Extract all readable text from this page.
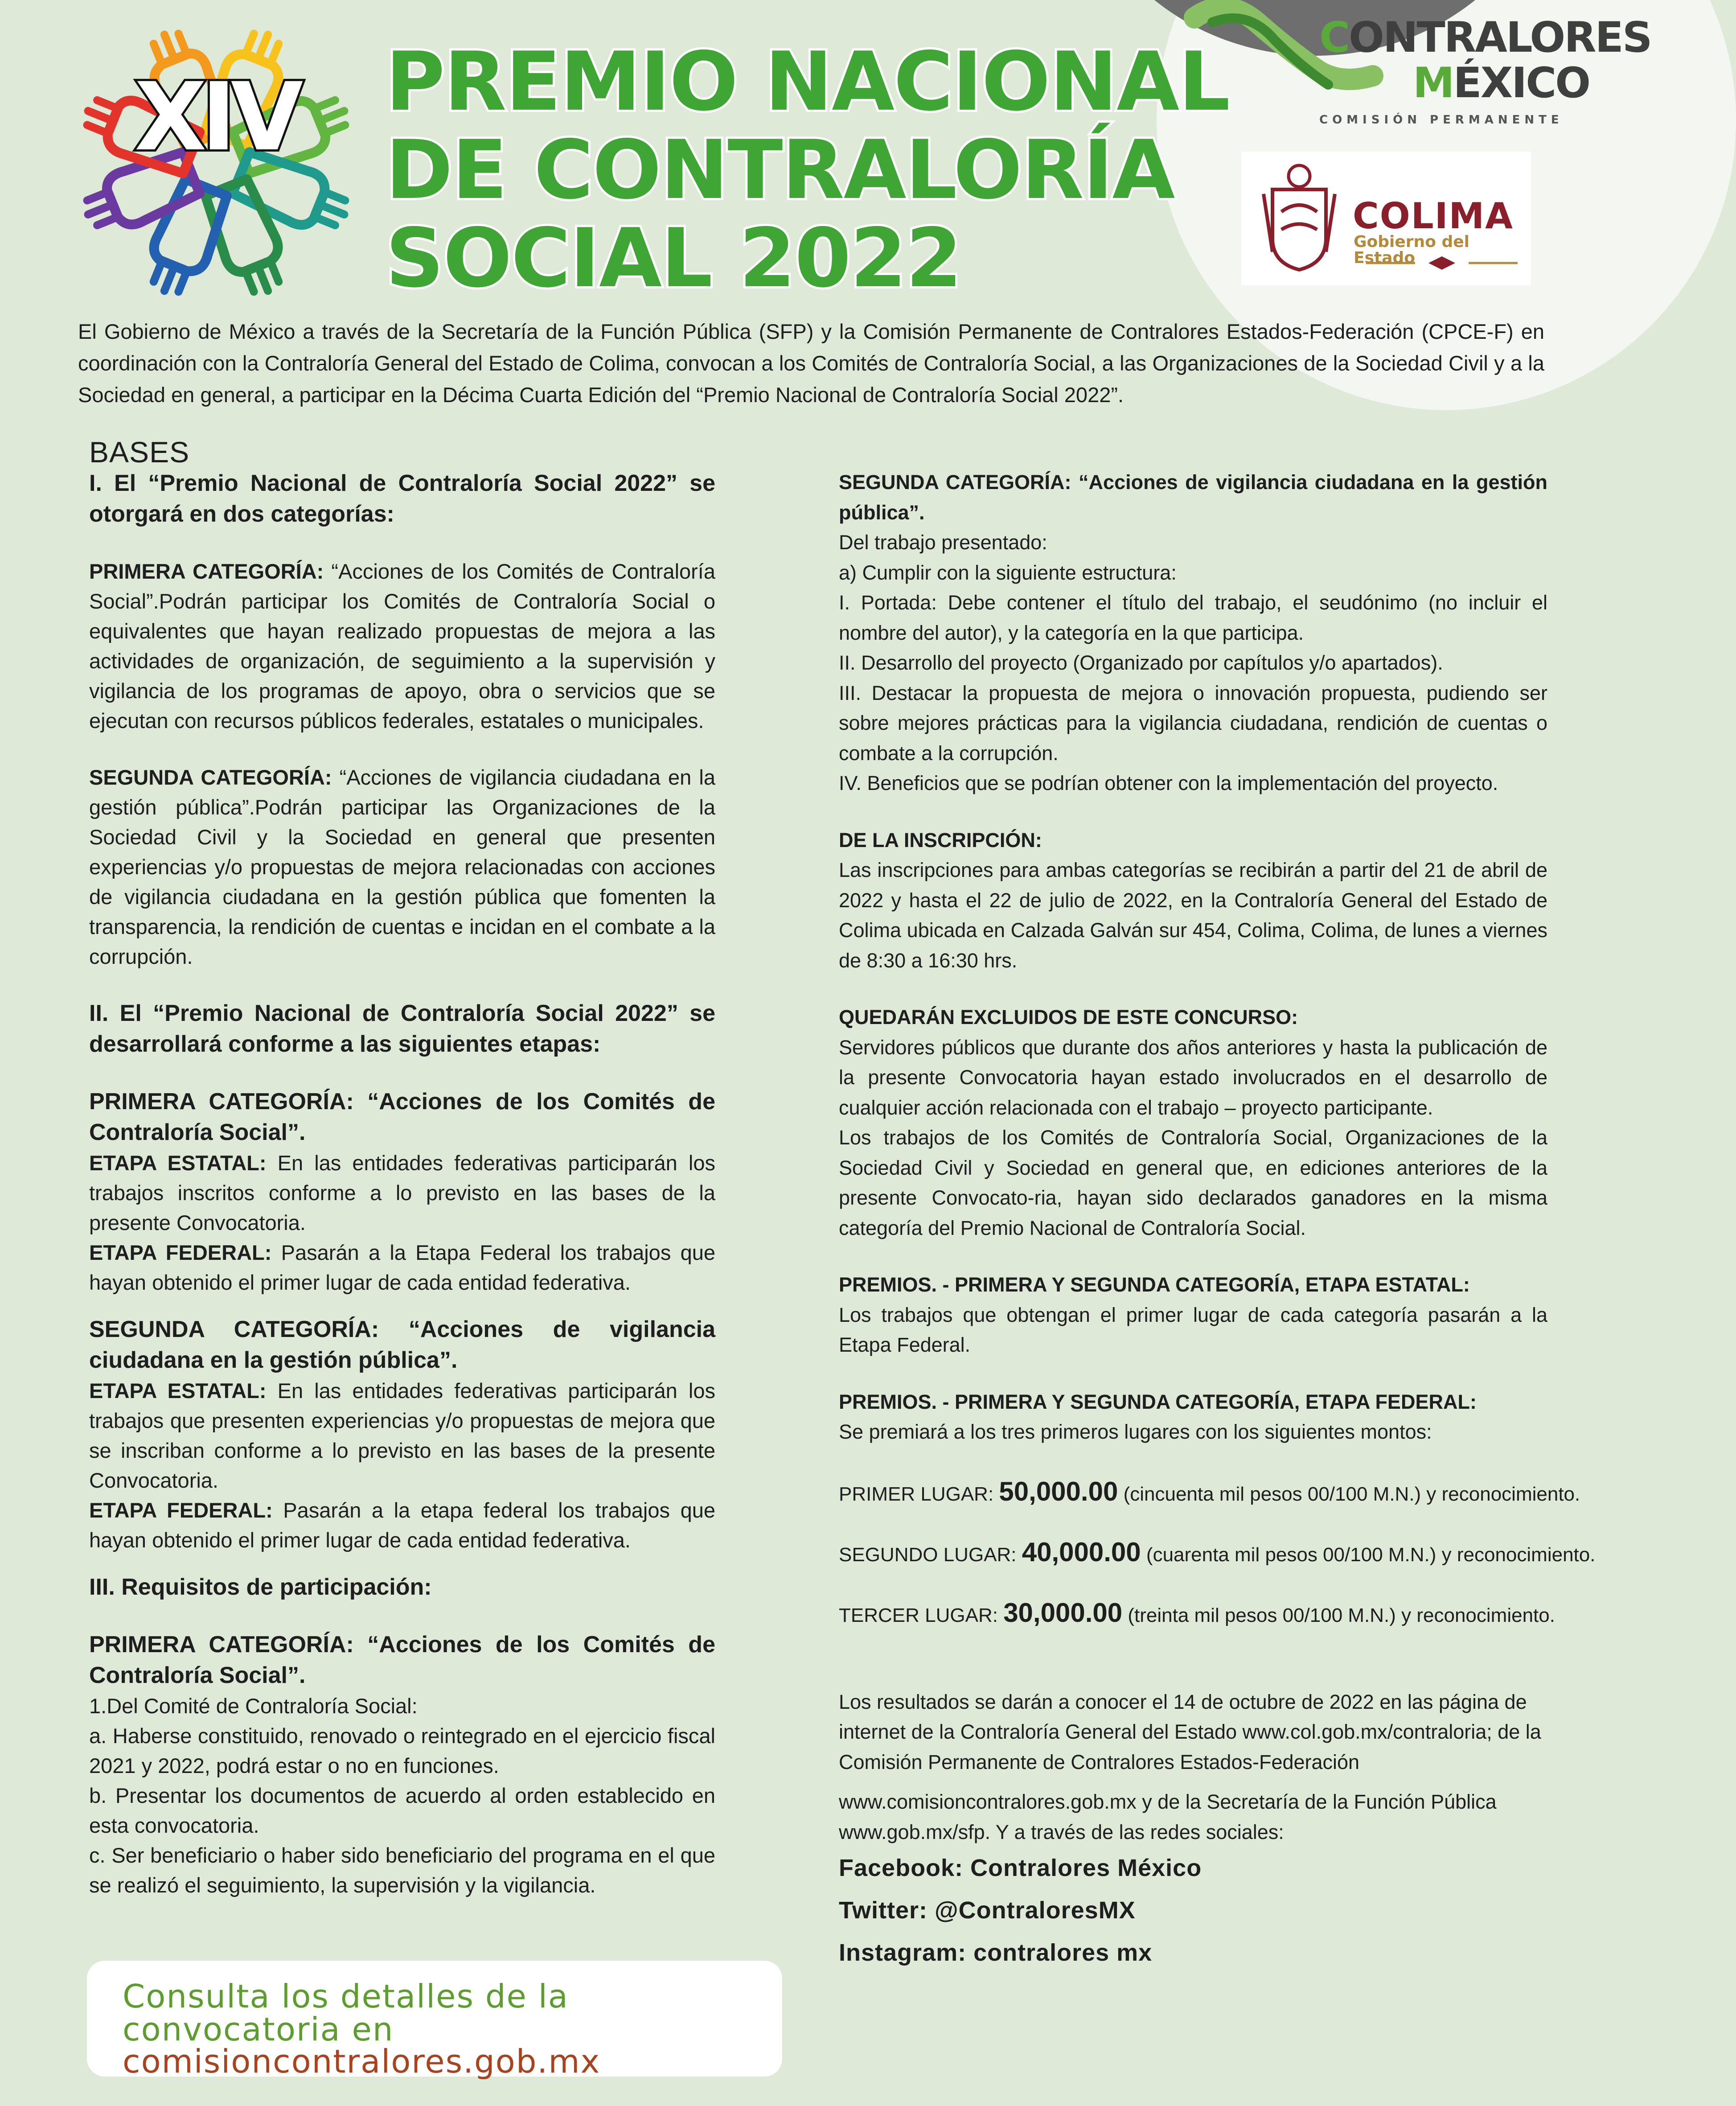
XIV PREMIO NACIONAL
DE CONTRALORÍA
SOCIAL 2022
CONTRALORES
MÉXICO
COMISIÓN PERMANENTE
COLIMA
Gobierno del Estado

El Gobierno de México a través de la Secretaría de la Función Pública (SFP) y la Comisión Permanente de Contralores Estados-Federación (CPCE-F) en coordinación con la Contraloría General del Estado de Colima, convocan a los Comités de Contraloría Social, a las Organizaciones de la Sociedad Civil y a la Sociedad en general, a participar en la Décima Cuarta Edición del “Premio Nacional de Contraloría Social 2022”.

BASES

I. El “Premio Nacional de Contraloría Social 2022” se otorgará en dos categorías:

PRIMERA CATEGORÍA: “Acciones de los Comités de Contraloría Social”.Podrán participar los Comités de Contraloría Social o equivalentes que hayan realizado propuestas de mejora a las actividades de organización, de seguimiento a la supervisión y vigilancia de los programas de apoyo, obra o servicios que se ejecutan con recursos públicos federales, estatales o municipales.

SEGUNDA CATEGORÍA: “Acciones de vigilancia ciudadana en la gestión pública”.Podrán participar las Organizaciones de la Sociedad Civil y la Sociedad en general que presenten experiencias y/o propuestas de mejora relacionadas con acciones de vigilancia ciudadana en la gestión pública que fomenten la transparencia, la rendición de cuentas e incidan en el combate a la corrupción.

II. El “Premio Nacional de Contraloría Social 2022” se desarrollará conforme a las siguientes etapas:

PRIMERA CATEGORÍA: “Acciones de los Comités de Contraloría Social”.

ETAPA ESTATAL: En las entidades federativas participarán los trabajos inscritos conforme a lo previsto en las bases de la presente Convocatoria.

ETAPA FEDERAL: Pasarán a la Etapa Federal los trabajos que hayan obtenido el primer lugar de cada entidad federativa.

SEGUNDA CATEGORÍA: “Acciones de vigilancia ciudadana en la gestión pública”.

ETAPA ESTATAL: En las entidades federativas participarán los trabajos que presenten experiencias y/o propuestas de mejora que se inscriban conforme a lo previsto en las bases de la presente Convocatoria.

ETAPA FEDERAL: Pasarán a la etapa federal los trabajos que hayan obtenido el primer lugar de cada entidad federativa.

III. Requisitos de participación:

PRIMERA CATEGORÍA: “Acciones de los Comités de Contraloría Social”.

1.Del Comité de Contraloría Social:

a. Haberse constituido, renovado o reintegrado en el ejercicio fiscal 2021 y 2022, podrá estar o no en funciones.

b. Presentar los documentos de acuerdo al orden establecido en esta convocatoria.

c. Ser beneficiario o haber sido beneficiario del programa en el que se realizó el seguimiento, la supervisión y la vigilancia.

SEGUNDA CATEGORÍA: “Acciones de vigilancia ciudadana en la gestión pública”.

Del trabajo presentado:

a) Cumplir con la siguiente estructura:

I. Portada: Debe contener el título del trabajo, el seudónimo (no incluir el nombre del autor), y la categoría en la que participa.

II. Desarrollo del proyecto (Organizado por capítulos y/o apartados).

III. Destacar la propuesta de mejora o innovación propuesta, pudiendo ser sobre mejores prácticas para la vigilancia ciudadana, rendición de cuentas o combate a la corrupción.

IV. Beneficios que se podrían obtener con la implementación del proyecto.

DE LA INSCRIPCIÓN:

Las inscripciones para ambas categorías se recibirán a partir del 21 de abril de 2022 y hasta el 22 de julio de 2022, en la Contraloría General del Estado de Colima ubicada en Calzada Galván sur 454, Colima, Colima, de lunes a viernes de 8:30 a 16:30 hrs.

QUEDARÁN EXCLUIDOS DE ESTE CONCURSO:

Servidores públicos que durante dos años anteriores y hasta la publicación de la presente Convocatoria hayan estado involucrados en el desarrollo de cualquier acción relacionada con el trabajo – proyecto participante.

Los trabajos de los Comités de Contraloría Social, Organizaciones de la Sociedad Civil y Sociedad en general que, en ediciones anteriores de la presente Convocato-ria, hayan sido declarados ganadores en la misma categoría del Premio Nacional de Contraloría Social.

PREMIOS. - PRIMERA Y SEGUNDA CATEGORÍA, ETAPA ESTATAL:

Los trabajos que obtengan el primer lugar de cada categoría pasarán a la Etapa Federal.

PREMIOS. - PRIMERA Y SEGUNDA CATEGORÍA, ETAPA FEDERAL:

Se premiará a los tres primeros lugares con los siguientes montos:

PRIMER LUGAR: 50,000.00 (cincuenta mil pesos 00/100 M.N.) y reconocimiento.

SEGUNDO LUGAR: 40,000.00 (cuarenta mil pesos 00/100 M.N.) y reconocimiento.

TERCER LUGAR: 30,000.00 (treinta mil pesos 00/100 M.N.) y reconocimiento.

Los resultados se darán a conocer el 14 de octubre de 2022 en las página de internet de la Contraloría General del Estado www.col.gob.mx/contraloria; de la Comisión Permanente de Contralores Estados-Federación

www.comisioncontralores.gob.mx y de la Secretaría de la Función Pública www.gob.mx/sfp. Y a través de las redes sociales:

Facebook: Contralores México

Twitter: @ContraloresMX

Instagram: contralores mx

Consulta los detalles de la

convocatoria en

comisioncontralores.gob.mx
